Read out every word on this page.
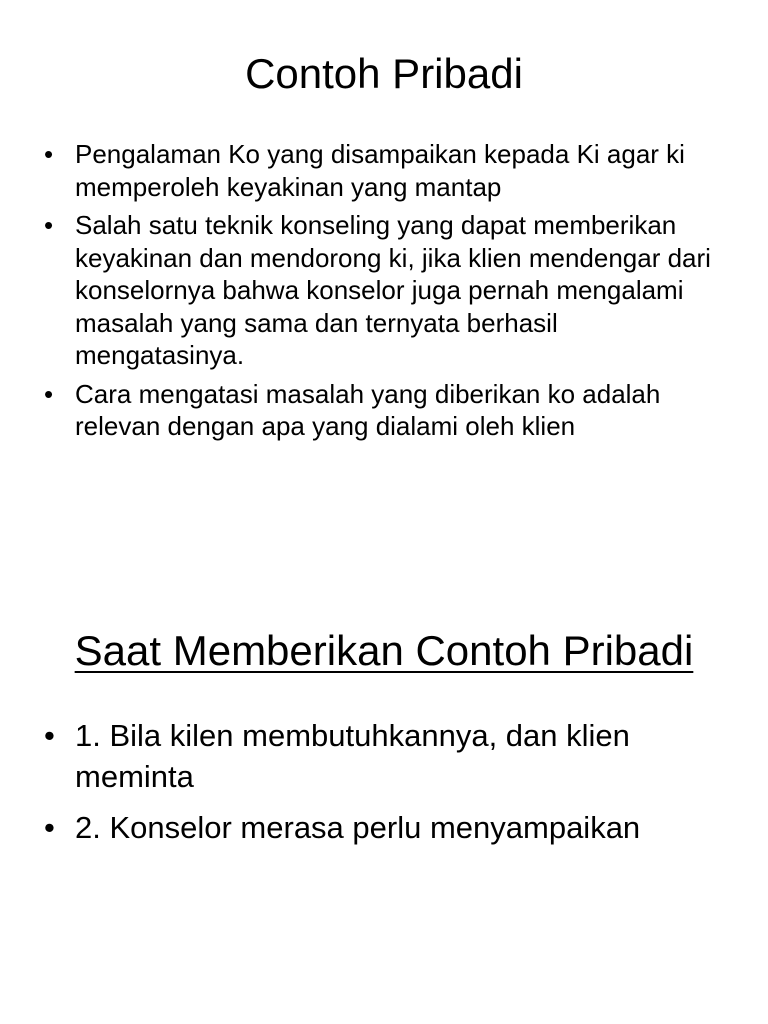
Contoh Pribadi
• Pengalaman Ko yang disampaikan kepada Ki agar ki memperoleh keyakinan yang mantap
• Salah satu teknik konseling yang dapat memberikan keyakinan dan mendorong ki, jika klien mendengar dari konselornya bahwa konselor juga pernah mengalami masalah yang sama dan ternyata berhasil mengatasinya.
• Cara mengatasi masalah yang diberikan ko adalah relevan dengan apa yang dialami oleh klien
Saat Memberikan Contoh Pribadi
• 1. Bila kilen membutuhkannya, dan klien meminta
• 2. Konselor merasa perlu menyampaikan
